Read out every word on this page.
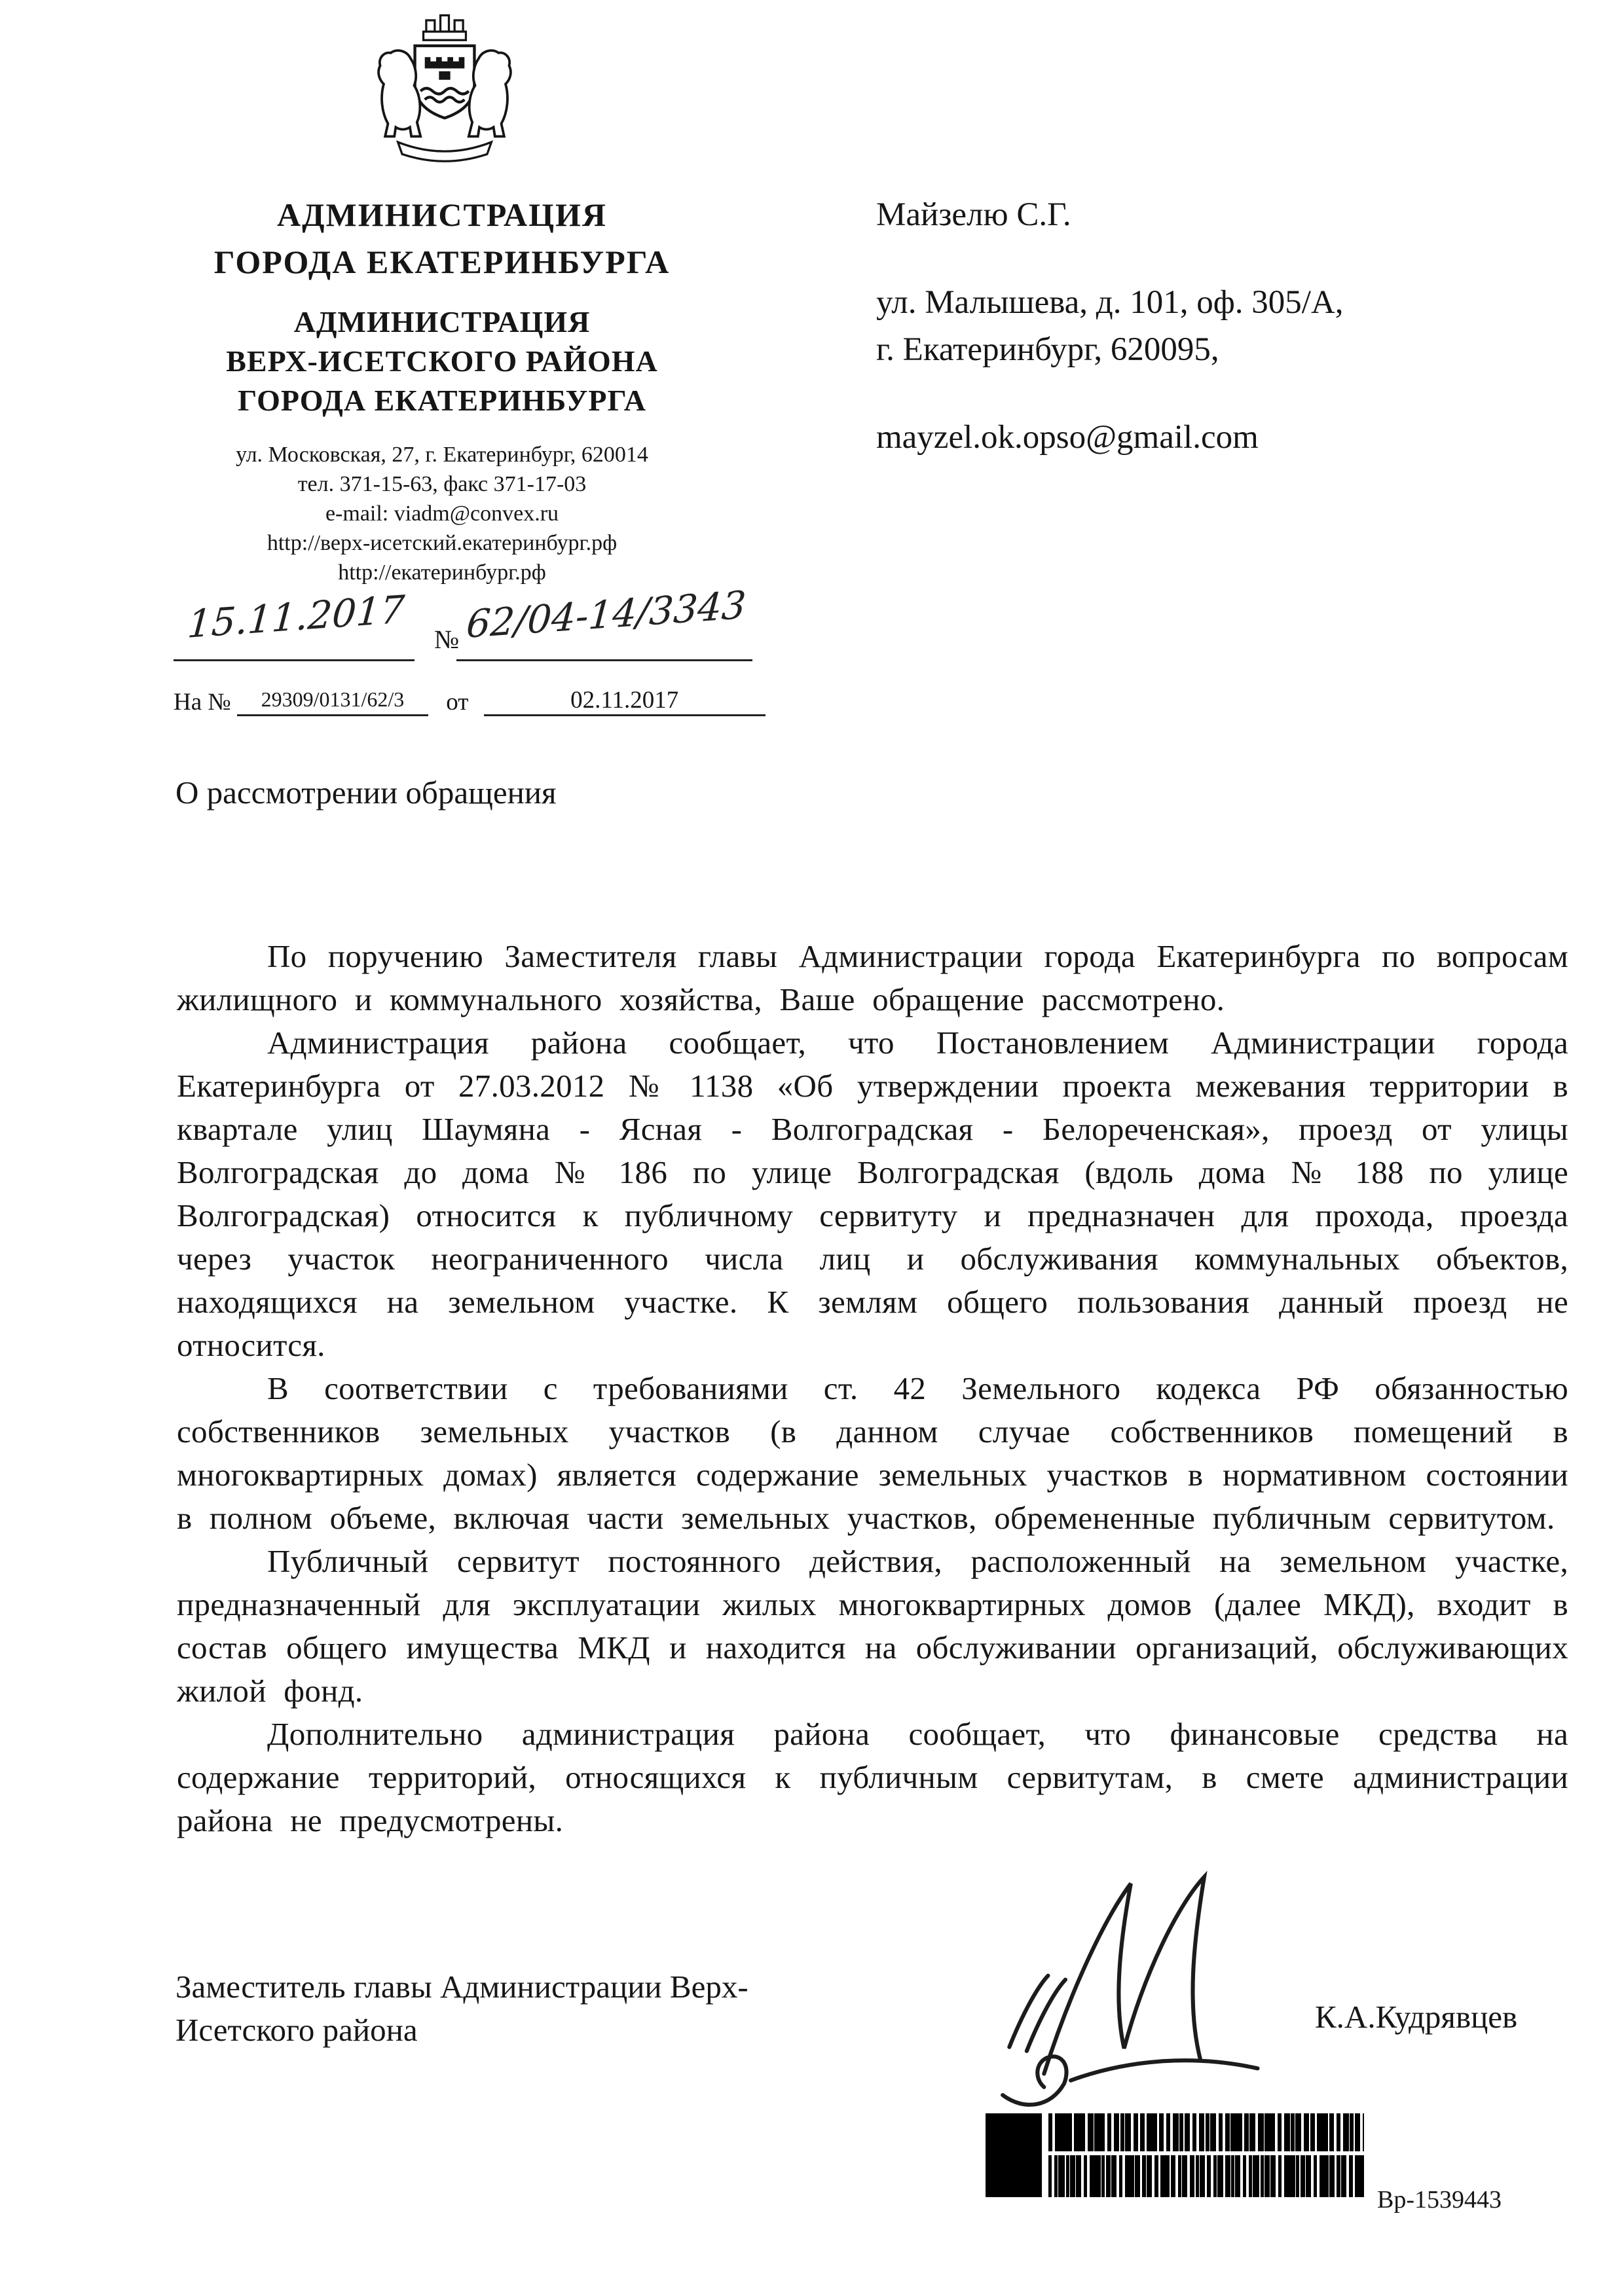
АДМИНИСТРАЦИЯ
ГОРОДА ЕКАТЕРИНБУРГА
АДМИНИСТРАЦИЯ
ВЕРХ-ИСЕТСКОГО РАЙОНА
ГОРОДА ЕКАТЕРИНБУРГА
ул. Московская, 27, г. Екатеринбург, 620014
тел. 371-15-63, факс 371-17-03
e-mail: viadm@convex.ru
http://верх-исетский.екатеринбург.рф
http://екатеринбург.рф
15.11.2017	№ 62/04-14/3343
На № 29309/0131/62/3 от	02.11.2017
Майзелю С.Г.
ул. Малышева, д. 101, оф. 305/А,
г. Екатеринбург, 620095,
mayzel.ok.opso@gmail.com
О рассмотрении обращения

По поручению Заместителя главы Администрации города Екатеринбурга по вопросам жилищного и коммунального хозяйства, Ваше обращение рассмотрено.

Администрация района сообщает, что Постановлением Администрации города Екатеринбурга от 27.03.2012 № 1138 «Об утверждении проекта межевания территории в квартале улиц Шаумяна - Ясная - Волгоградская - Белореченская», проезд от улицы Волгоградская до дома № 186 по улице Волгоградская (вдоль дома № 188 по улице Волгоградская) относится к публичному сервитуту и предназначен для прохода, проезда через участок неограниченного числа лиц и обслуживания коммунальных объектов, находящихся на земельном участке. К землям общего пользования данный проезд не относится.

В соответствии с требованиями ст. 42 Земельного кодекса РФ обязанностью собственников земельных участков (в данном случае собственников помещений в многоквартирных домах) является содержание земельных участков в нормативном состоянии в полном объеме, включая части земельных участков, обремененные публичным сервитутом.

Публичный сервитут постоянного действия, расположенный на земельном участке, предназначенный для эксплуатации жилых многоквартирных домов (далее МКД), входит в состав общего имущества МКД и находится на обслуживании организаций, обслуживающих жилой фонд.

Дополнительно администрация района сообщает, что финансовые средства на содержание территорий, относящихся к публичным сервитутам, в смете администрации района не предусмотрены.

Заместитель главы Администрации Верх-
Исетского района	К.А.Кудрявцев
Вр-1539443
